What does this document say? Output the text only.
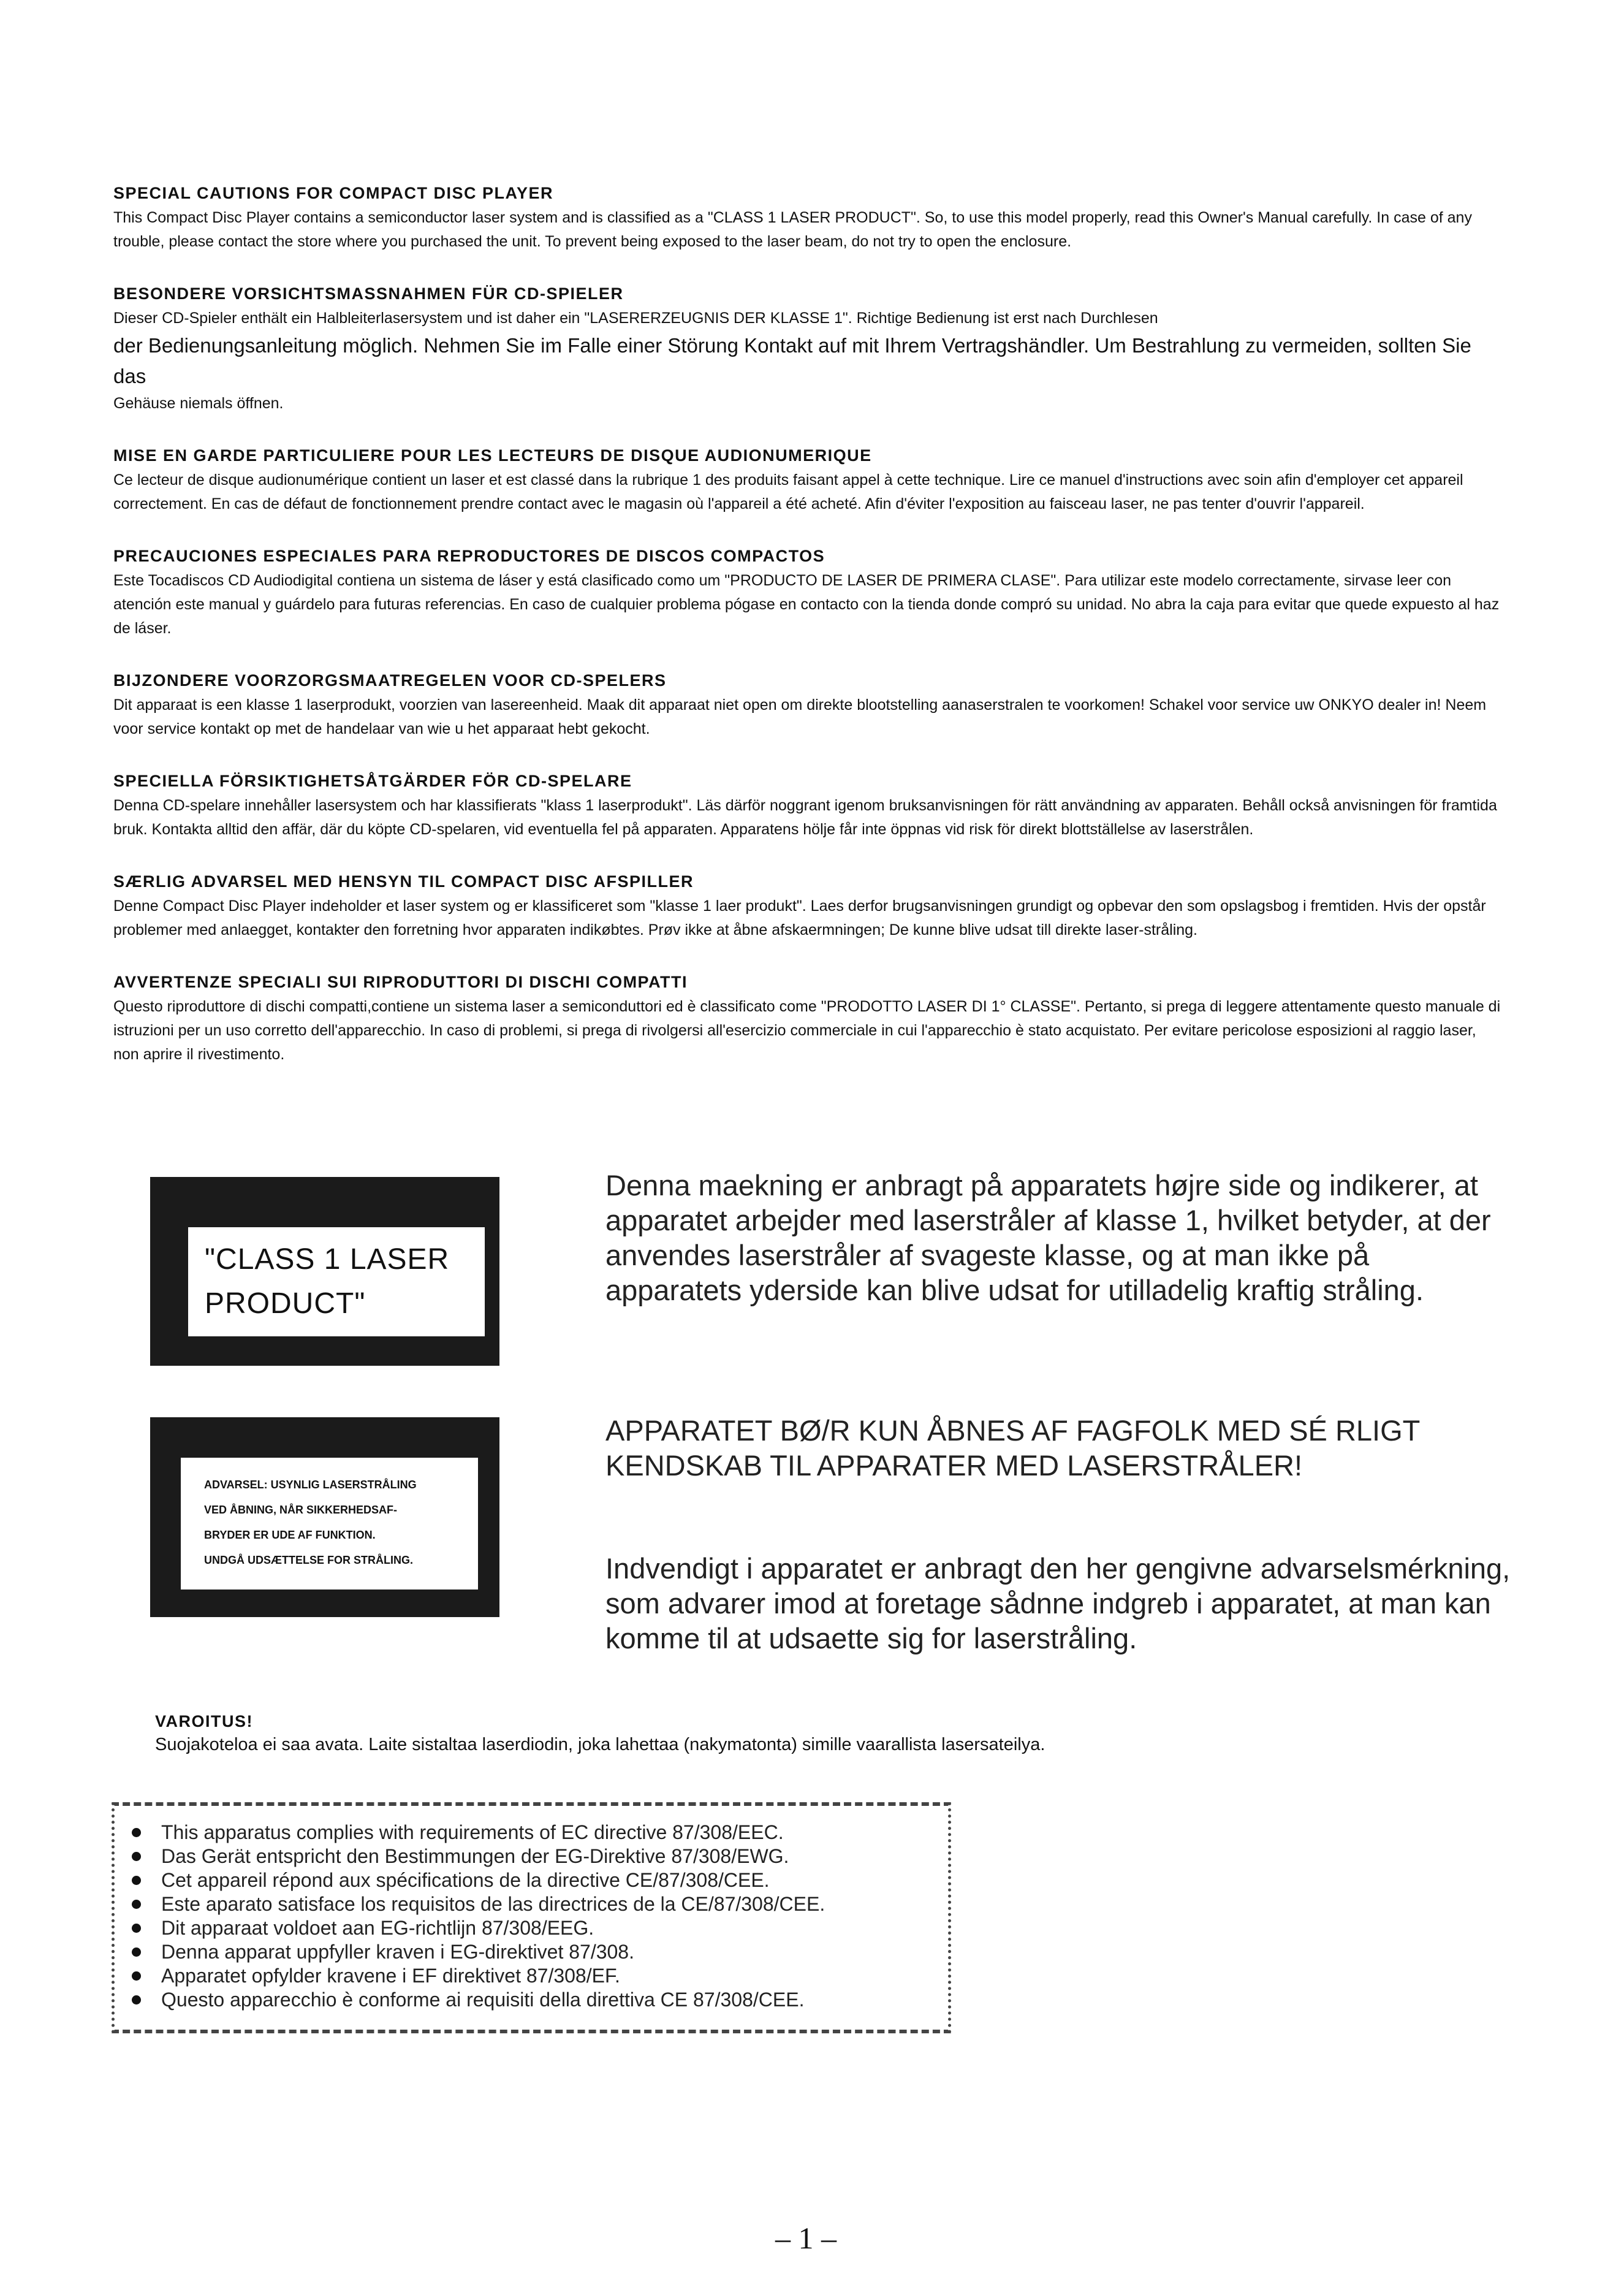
SPECIAL CAUTIONS FOR COMPACT DISC PLAYER

This Compact Disc Player contains a semiconductor laser system and is classified as a "CLASS 1 LASER PRODUCT". So, to use this model properly, read this Owner's Manual carefully. In case of any trouble, please contact the store where you purchased the unit. To prevent being exposed to the laser beam, do not try to open the enclosure.

BESONDERE VORSICHTSMASSNAHMEN FÜR CD-SPIELER

Dieser CD-Spieler enthält ein Halbleiterlasersystem und ist daher ein "LASERERZEUGNIS DER KLASSE 1". Richtige Bedienung ist erst nach Durchlesen

der Bedienungsanleitung möglich. Nehmen Sie im Falle einer Störung Kontakt auf mit Ihrem Vertragshändler. Um Bestrahlung zu vermeiden, sollten Sie das

Gehäuse niemals öffnen.

MISE EN GARDE PARTICULIERE POUR LES LECTEURS DE DISQUE AUDIONUMERIQUE

Ce lecteur de disque audionumérique contient un laser et est classé dans la rubrique 1 des produits faisant appel à cette technique. Lire ce manuel d'instructions avec soin afin d'employer cet appareil correctement. En cas de défaut de fonctionnement prendre contact avec le magasin où l'appareil a été acheté. Afin d'éviter l'exposition au faisceau laser, ne pas tenter d'ouvrir l'appareil.

PRECAUCIONES ESPECIALES PARA REPRODUCTORES DE DISCOS COMPACTOS

Este Tocadiscos CD Audiodigital contiena un sistema de láser y está clasificado como um "PRODUCTO DE LASER DE PRIMERA CLASE". Para utilizar este modelo correctamente, sirvase leer con atención este manual y guárdelo para futuras referencias. En caso de cualquier problema pógase en contacto con la tienda donde compró su unidad. No abra la caja para evitar que quede expuesto al haz de láser.

BIJZONDERE VOORZORGSMAATREGELEN VOOR CD-SPELERS

Dit apparaat is een klasse 1 laserprodukt, voorzien van lasereenheid. Maak dit apparaat niet open om direkte blootstelling aanaserstralen te voorkomen! Schakel voor service uw ONKYO dealer in! Neem voor service kontakt op met de handelaar van wie u het apparaat hebt gekocht.

SPECIELLA FÖRSIKTIGHETSÅTGÄRDER FÖR CD-SPELARE

Denna CD-spelare innehåller lasersystem och har klassifierats "klass 1 laserprodukt". Läs därför noggrant igenom bruksanvisningen för rätt användning av apparaten. Behåll också anvisningen för framtida bruk. Kontakta alltid den affär, där du köpte CD-spelaren, vid eventuella fel på apparaten. Apparatens hölje får inte öppnas vid risk för direkt blottställelse av laserstrålen.

SÆRLIG ADVARSEL MED HENSYN TIL COMPACT DISC AFSPILLER

Denne Compact Disc Player indeholder et laser system og er klassificeret som "klasse 1 laer produkt". Laes derfor brugsanvisningen grundigt og opbevar den som opslagsbog i fremtiden. Hvis der opstår problemer med anlaegget, kontakter den forretning hvor apparaten indikøbtes. Prøv ikke at åbne afskaermningen; De kunne blive udsat till direkte laser-stråling.

AVVERTENZE SPECIALI SUI RIPRODUTTORI DI DISCHI COMPATTI

Questo riproduttore di dischi compatti,contiene un sistema laser a semiconduttori ed è classificato come "PRODOTTO LASER DI 1° CLASSE". Pertanto, si prega di leggere attentamente questo manuale di istruzioni per un uso corretto dell'apparecchio. In caso di problemi, si prega di rivolgersi all'esercizio commerciale in cui l'apparecchio è stato acquistato. Per evitare pericolose esposizioni al raggio laser, non aprire il rivestimento.

"CLASS 1 LASER
PRODUCT"
ADVARSEL: USYNLIG LASERSTRÅLING
VED ÅBNING, NÅR SIKKERHEDSAF-
BRYDER ER UDE AF FUNKTION.
UNDGÅ UDSÆTTELSE FOR STRÅLING.

Denna maekning er anbragt på apparatets højre side og indikerer, at apparatet arbejder med laserstråler af klasse 1, hvilket betyder, at der anvendes laserstråler af svageste klasse, og at man ikke på apparatets yderside kan blive udsat for utilladelig kraftig stråling.

APPARATET BØ/R KUN ÅBNES AF FAGFOLK MED SÉ RLIGT KENDSKAB TIL APPARATER MED LASERSTRÅLER!

Indvendigt i apparatet er anbragt den her gengivne advarselsmérkning, som advarer imod at foretage sådnne indgreb i apparatet, at man kan komme til at udsaette sig for laserstråling.

VAROITUS!

Suojakoteloa ei saa avata. Laite sistaltaa laserdiodin, joka lahettaa (nakymatonta) simille vaarallista lasersateilya.

This apparatus complies with requirements of EC directive 87/308/EEC.
Das Gerät entspricht den Bestimmungen der EG-Direktive 87/308/EWG.
Cet appareil répond aux spécifications de la directive CE/87/308/CEE.
Este aparato satisface los requisitos de las directrices de la CE/87/308/CEE.
Dit apparaat voldoet aan EG-richtlijn 87/308/EEG.
Denna apparat uppfyller kraven i EG-direktivet 87/308.
Apparatet opfylder kravene i EF direktivet 87/308/EF.
Questo apparecchio è conforme ai requisiti della direttiva CE 87/308/CEE.
– 1 –
